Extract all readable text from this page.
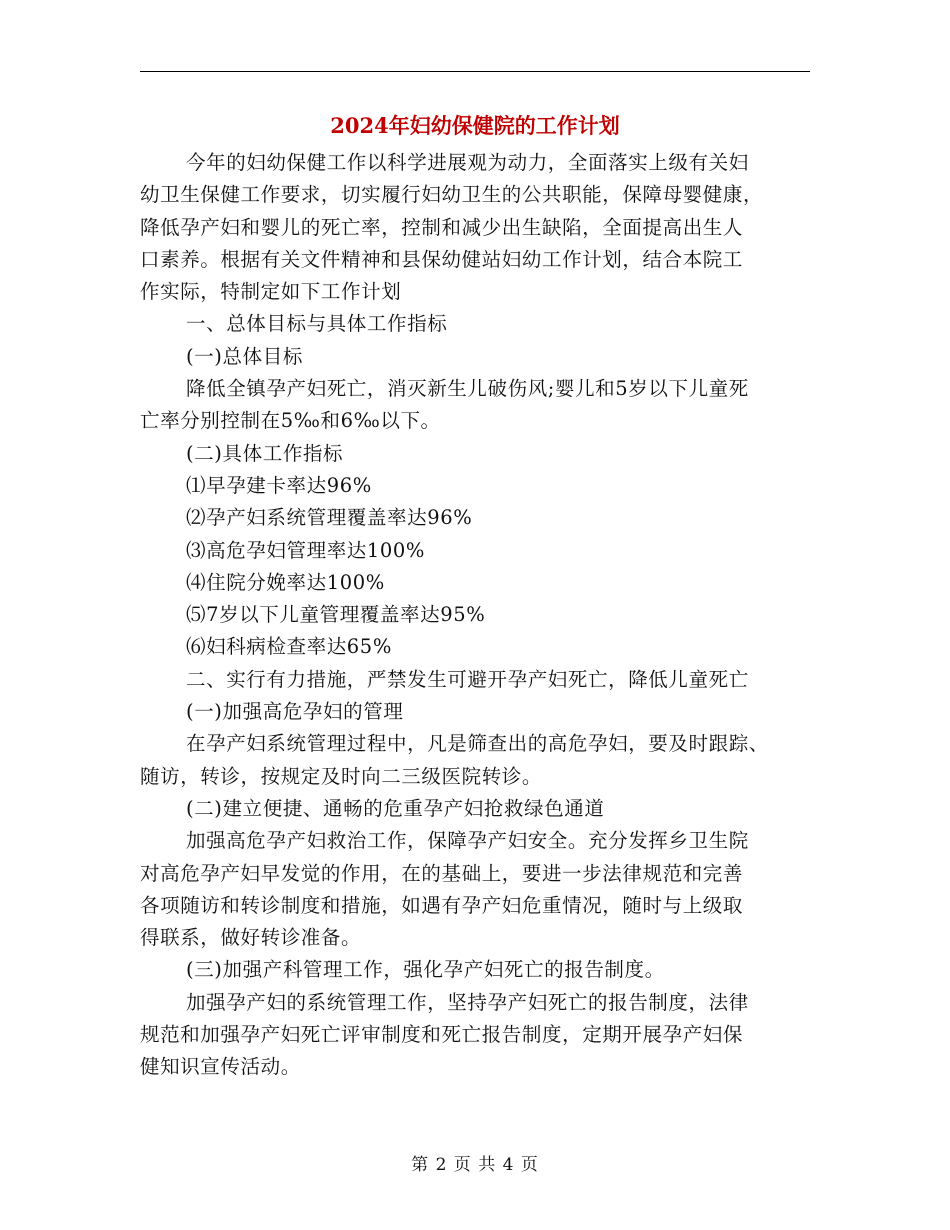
2024年妇幼保健院的工作计划
今年的妇幼保健工作以科学进展观为动力，全面落实上级有关妇
幼卫生保健工作要求，切实履行妇幼卫生的公共职能，保障母婴健康，
降低孕产妇和婴儿的死亡率，控制和减少出生缺陷，全面提高出生人
口素养。根据有关文件精神和县保幼健站妇幼工作计划，结合本院工
作实际，特制定如下工作计划
一、总体目标与具体工作指标
(一)总体目标
降低全镇孕产妇死亡，消灭新生儿破伤风;婴儿和5岁以下儿童死
亡率分别控制在5‰和6‰以下。
(二)具体工作指标
⑴早孕建卡率达96%
⑵孕产妇系统管理覆盖率达96%
⑶高危孕妇管理率达100%
⑷住院分娩率达100%
⑸7岁以下儿童管理覆盖率达95%
⑹妇科病检查率达65%
二、实行有力措施，严禁发生可避开孕产妇死亡，降低儿童死亡
(一)加强高危孕妇的管理
在孕产妇系统管理过程中，凡是筛查出的高危孕妇，要及时跟踪、
随访，转诊，按规定及时向二三级医院转诊。
(二)建立便捷、通畅的危重孕产妇抢救绿色通道
加强高危孕产妇救治工作，保障孕产妇安全。充分发挥乡卫生院
对高危孕产妇早发觉的作用，在的基础上，要进一步法律规范和完善
各项随访和转诊制度和措施，如遇有孕产妇危重情况，随时与上级取
得联系，做好转诊准备。
(三)加强产科管理工作，强化孕产妇死亡的报告制度。
加强孕产妇的系统管理工作，坚持孕产妇死亡的报告制度，法律
规范和加强孕产妇死亡评审制度和死亡报告制度，定期开展孕产妇保
健知识宣传活动。
第 2 页 共 4 页
